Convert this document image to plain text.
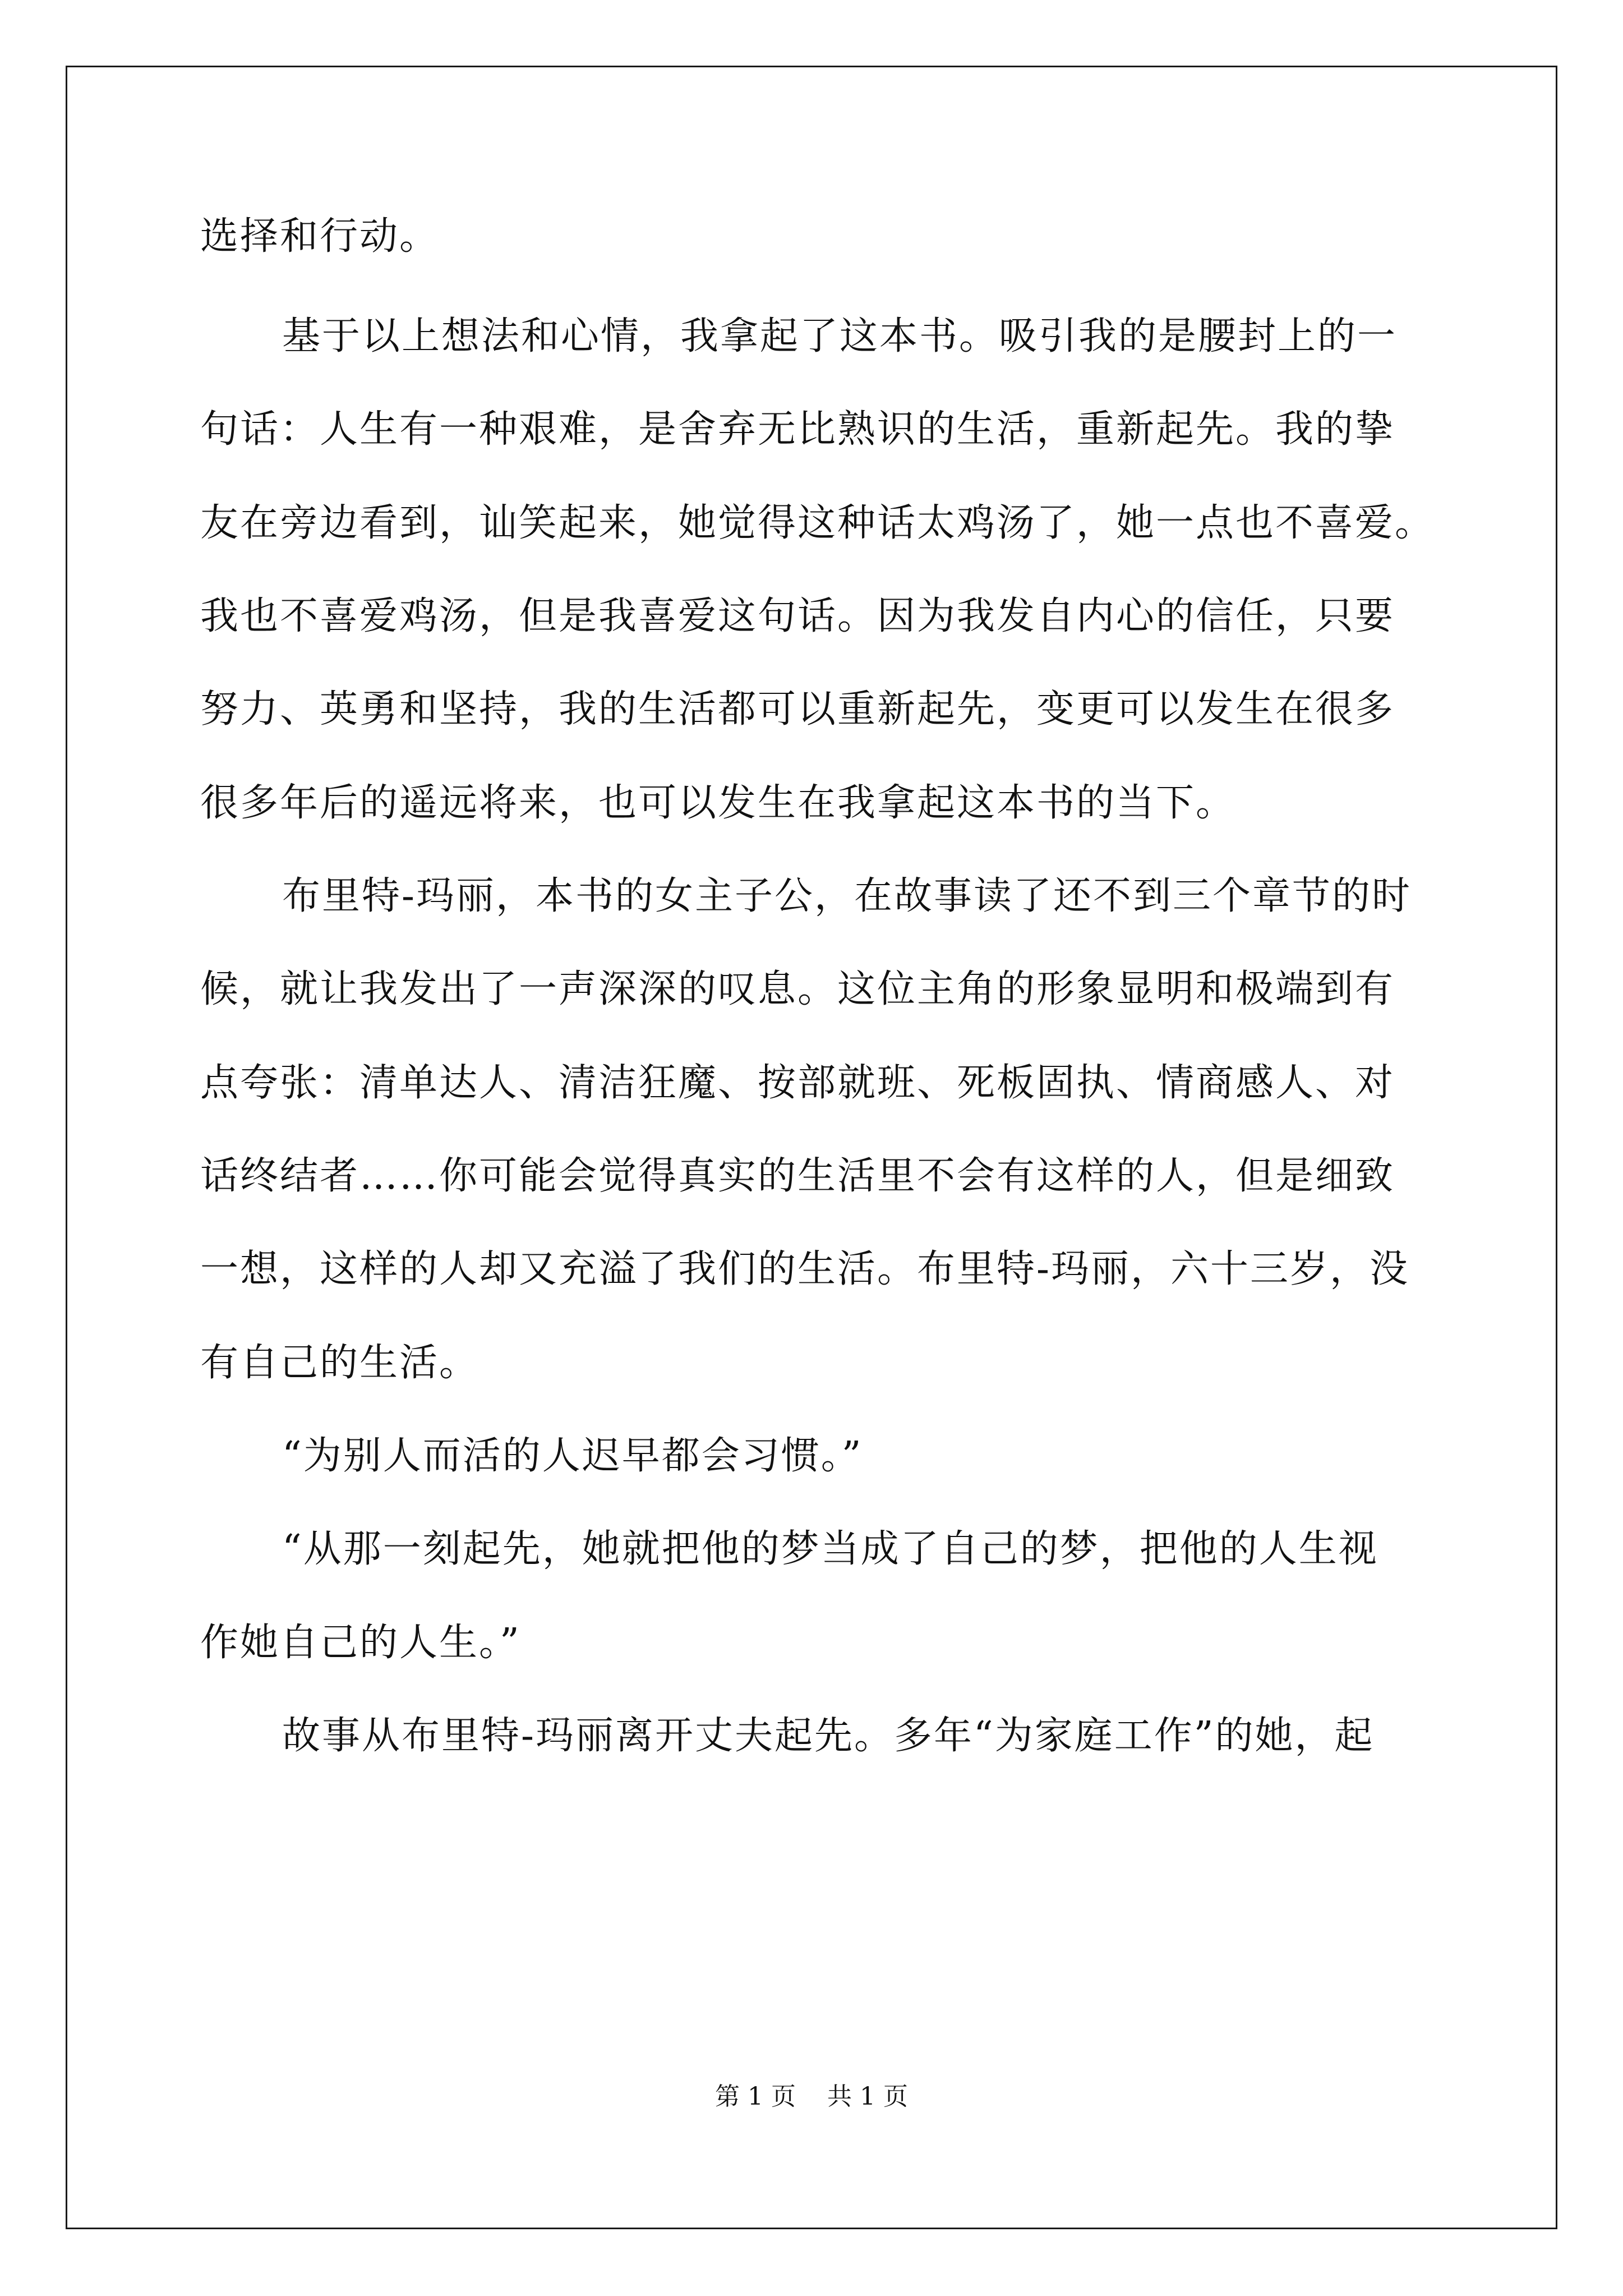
选择和行动。
基于以上想法和心情，我拿起了这本书。吸引我的是腰封上的一
句话：人生有一种艰难，是舍弃无比熟识的生活，重新起先。我的挚
友在旁边看到，讪笑起来，她觉得这种话太鸡汤了，她一点也不喜爱。
我也不喜爱鸡汤，但是我喜爱这句话。因为我发自内心的信任，只要
努力、英勇和坚持，我的生活都可以重新起先，变更可以发生在很多
很多年后的遥远将来，也可以发生在我拿起这本书的当下。
布里特-玛丽，本书的女主子公，在故事读了还不到三个章节的时
候，就让我发出了一声深深的叹息。这位主角的形象显明和极端到有
点夸张：清单达人、清洁狂魔、按部就班、死板固执、情商感人、对
话终结者……你可能会觉得真实的生活里不会有这样的人，但是细致
一想，这样的人却又充溢了我们的生活。布里特-玛丽，六十三岁，没
有自己的生活。
“为别人而活的人迟早都会习惯。”
“从那一刻起先，她就把他的梦当成了自己的梦，把他的人生视
作她自己的人生。”
故事从布里特-玛丽离开丈夫起先。多年“为家庭工作”的她，起
第 1 页 共 1 页
